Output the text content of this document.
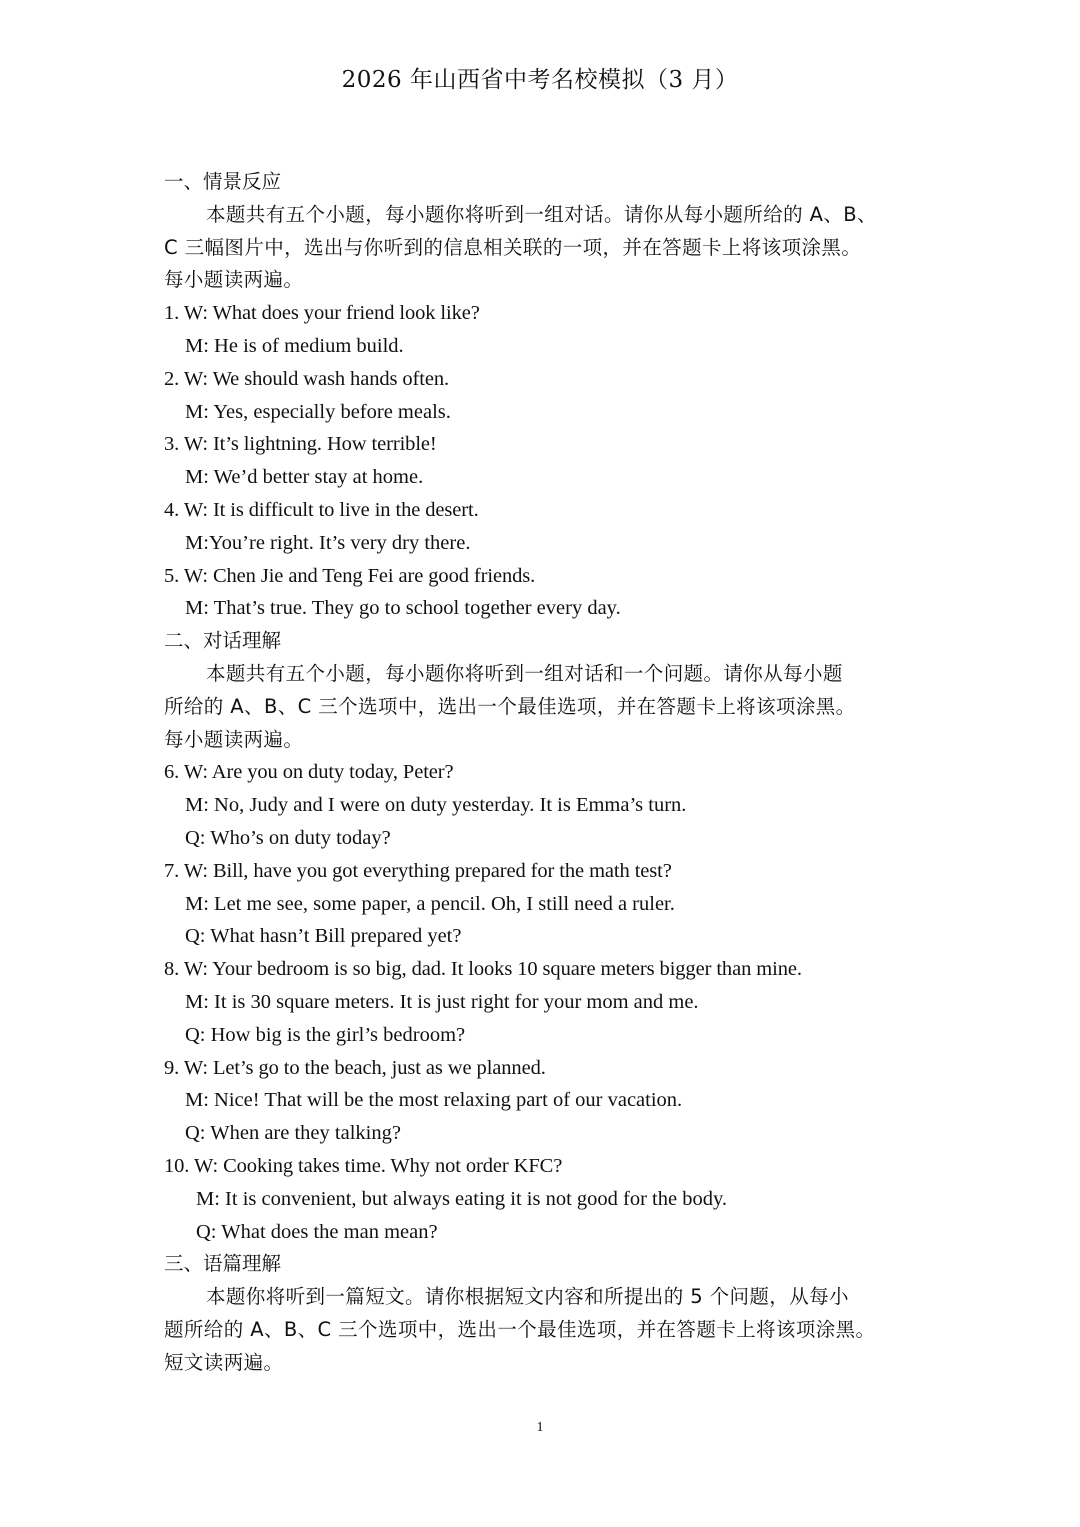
2026 年山西省中考名校模拟（3 月）
一、情景反应
本题共有五个小题，每小题你将听到一组对话。请你从每小题所给的 A、B、
C 三幅图片中，选出与你听到的信息相关联的一项，并在答题卡上将该项涂黑。
每小题读两遍。
1. W: What does your friend look like?
M: He is of medium build.
2. W: We should wash hands often.
M: Yes, especially before meals.
3. W: It’s lightning. How terrible!
M: We’d better stay at home.
4. W: It is difficult to live in the desert.
M:You’re right. It’s very dry there.
5. W: Chen Jie and Teng Fei are good friends.
M: That’s true. They go to school together every day.
二、对话理解
本题共有五个小题，每小题你将听到一组对话和一个问题。请你从每小题
所给的 A、B、C 三个选项中，选出一个最佳选项，并在答题卡上将该项涂黑。
每小题读两遍。
6. W: Are you on duty today, Peter?
M: No, Judy and I were on duty yesterday. It is Emma’s turn.
Q: Who’s on duty today?
7. W: Bill, have you got everything prepared for the math test?
M: Let me see, some paper, a pencil. Oh, I still need a ruler.
Q: What hasn’t Bill prepared yet?
8. W: Your bedroom is so big, dad. It looks 10 square meters bigger than mine.
M: It is 30 square meters. It is just right for your mom and me.
Q: How big is the girl’s bedroom?
9. W: Let’s go to the beach, just as we planned.
M: Nice! That will be the most relaxing part of our vacation.
Q: When are they talking?
10. W: Cooking takes time. Why not order KFC?
M: It is convenient, but always eating it is not good for the body.
Q: What does the man mean?
三、语篇理解
本题你将听到一篇短文。请你根据短文内容和所提出的 5 个问题，从每小
题所给的 A、B、C 三个选项中，选出一个最佳选项，并在答题卡上将该项涂黑。
短文读两遍。
1
